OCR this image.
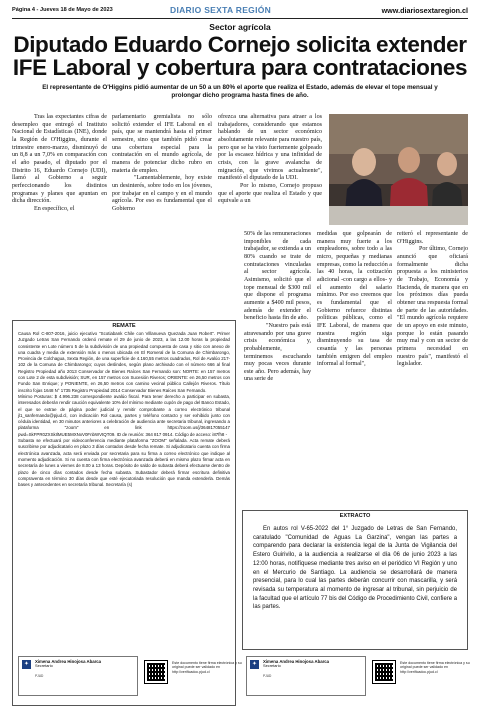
Página 4 - Jueves 18 de Mayo de 2023	www.diariosextaregion.cl
DIARIO SEXTA REGIÓN
Sector agrícola
Diputado Eduardo Cornejo solicita extender IFE Laboral y cobertura para contrataciones
El representante de O'Higgins pidió aumentar de un 50 a un 80% el aporte que realiza el Estado, además de elevar el tope mensual y prolongar dicho programa hasta fines de año.

Tras las expectantes cifras de desempleo que entregó el Instituto Nacional de Estadísticas (INE), donde la Región de O'Higgins, durante el trimestre enero-marzo, disminuyó de un 8,8 a un 7,0% en comparación con el año pasado, el diputado por el Distrito 16, Eduardo Cornejo (UDI), llamó al Gobierno a seguir perfeccionando los distintos programas y planes que apuntan en dicha dirección.

En específico, el

parlamentario gremialista no sólo solicitó extender el IFE Laboral en el país, que se mantendrá hasta el primer semestre, sino que también pidió crear una cobertura especial para la contratación en el mundo agrícola, de manera de potenciar dicho rubro en materia de empleo.

"Lamentablemente, hoy existe un desinterés, sobre todo en los jóvenes, por trabajar en el campo y en el mundo agrícola. Por eso es fundamental que el Gobierno

ofrezca una alternativa para atraer a los trabajadores, considerando que estamos hablando de un sector económico absolutamente relevante para nuestro país, pero que se ha visto fuertemente golpeado por la escasez hídrica y una infinidad de crisis, con la grave avalancha de migración, que vivimos actualmente", manifestó el diputado de la UDI.

Por lo mismo, Cornejo propuso que el aporte que realiza el Estado y que equivale a un

50% de las remuneraciones imponibles de cada trabajador, se extienda a un 80% cuando se trate de contrataciones vinculadas al sector agrícola. Asimismo, solicitó que el tope mensual de $300 mil que dispone el programa aumente a $400 mil pesos, además de extender el beneficio hasta fin de año.

"Nuestro país está atravesando por una grave crisis económica y, probablemente, terminemos escuchando muy pocas veces durante este año. Pero además, hay una serie de

medidas que golpearán de manera muy fuerte a los empleadores, sobre todo a las micro, pequeñas y medianas empresas, como la reducción a las 40 horas, la cotización adicional -con cargo a ellos- y el aumento del salario mínimo. Por eso creemos que es fundamental que el Gobierno refuerce distintas políticas públicas, como el IFE Laboral, de manera que nuestra región siga disminuyendo su tasa de cesantía y las personas también emigren del empleo informal al formal",

reiteró el representante de O'Higgins.

Por último, Cornejo anunció que oficiará formalmente dicha propuesta a los ministerios de Trabajo, Economía y Hacienda, de manera que en los próximos días pueda obtener una respuesta formal de parte de las autoridades. "El mundo agrícola requiere de un apoyo en este minuto, porque lo están pasando muy mal y con un sector de primera necesidad en nuestro país", manifestó el legislador.

REMATE

Causa Rol C-807-2016, juicio ejecutivo "Scotiabank Chile con Villanueva Quezada Juan Robert". Primer Juzgado Letras San Fernando ordenó remate el 29 de junio de 2023, a las 12.00 horas la propiedad consistente en Lote número 5 de la subdivisión de una propiedad compuesta de casa y sitio con anexo de una cuadra y media de extensión más o menos ubicada en El Romeral de la Comuna de Chimbarongo, Provincia de Colchagua, Sexta Región, de una superficie de 4.160,55 metros cuadrados, Rol de Avalúo 217-102 de la Comuna de Chimbarongo; cuyos deslindes, según plano archivado con el número 666 al final Registro Propiedad año 2013 Conservador de Bienes Raíces San Fernando son: NORTE: en 157 metros con Lote 2 de esta subdivisión; SUR, en 157 metros con Sucesión Riveros; ORIENTE: en 26,50 metros con Fundo San Enrique; y PONIENTE, en 26,50 metros con camino vecinal público Callejón Riveros. Título inscrito fojas 1648 N° 1735 Registro Propiedad 2014 Conservador Bienes Raíces San Fernando.

Mínimo Posturas: $ 4.996.238 correspondiente avalúo fiscal. Para tener derecho a participar en subasta, interesados deberán rendir caución equivalente 10% del mínimo mediante cupón de pago del Banco Estado, el que se extrae de página poder judicial y remitir comprobante a correo electrónico tribunal jl1_sanfernando@pjud.cl, con indicación Rol causa, partes y teléfono contacto y ser exhibido junto con cédula identidad, en 30 minutos anteriores a celebración de audiencia ante secretaria tribunal, ingresando a plataforma "zoom" en link https://zoom.us/j/364817055147 pwd=SkFPR0ZXSkIlMUE5MXNxV0FnbWVtQT09. ID de reunión: 364 817 0914. Código de acceso: i87fh8 -

Subasta se efectuará por videoconferencia mediante plataforma "ZOOM" señalada. Acta remate deberá suscribirse por adjudicatario en plazo 3 días contados desde fecha remate. Si adjudicatario cuenta con firma electrónica avanzada, acta será enviada por secretaria para su firma a correo electrónico que indique al momento adjudicación. Si no cuenta con firma electrónica avanzada deberá en mismo plazo firmar acta en secretaría de lunes a viernes de 8.00 a 13 horas. Depósito de saldo de subasta deberá efectuarse dentro de plazo de cinco días contados desde fecha subasta. Subastador deberá firmar escritura definitiva compraventa en término 30 días desde que esté ejecutoriada resolución que manda extenderla. Demás bases y antecedentes en secretaría tribunal. Secretaría (s)

✦	Ximena Andrea Hinojosa Abarca
Secretario
PJUD
Este documento tiene firma electrónica y su original puede ser validado en http://verificadoc.pjud.cl
EXTRACTO
En autos rol V-65-2022 del 1° Juzgado de Letras de San Fernando, caratulado "Comunidad de Aguas La Garzina", vengan las partes a comparendo para declarar la existencia legal de la Junta de Vigilancia del Estero Guirivilo, a la audiencia a realizarse el día 06 de junio 2023 a las 12:00 horas, notifíquese mediante tres aviso en el periódico VI Región y uno en el Mercurio de Santiago. La audiencia se desarrollará de manera presencial, para lo cual las partes deberán concurrir con mascarilla, y será revisada su temperatura al momento de ingresar al tribunal, sin perjuicio de la facultad que el artículo 77 bis del Código de Procedimiento Civil, confiere a las partes.
✦	Ximena Andrea Hinojosa Abarca
Secretario
PJUD
Este documento tiene firma electrónica y su original puede ser validado en http://verificadoc.pjud.cl
